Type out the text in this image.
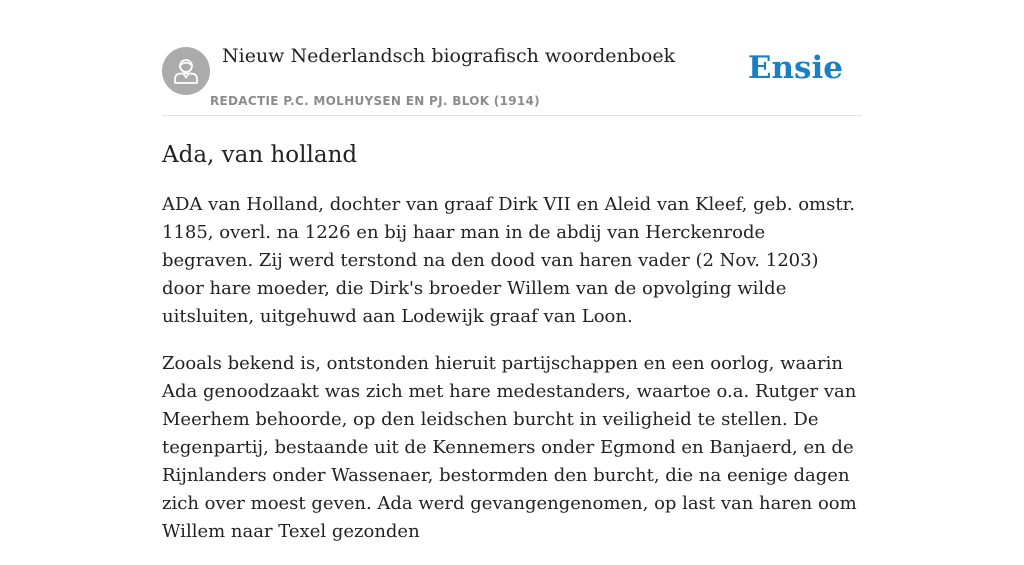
Nieuw Nederlandsch biografisch woordenboek
REDACTIE P.C. MOLHUYSEN EN PJ. BLOK (1914)
Ensie
Ada, van holland

ADA van Holland, dochter van graaf Dirk VII en Aleid van Kleef, geb. omstr. 1185, overl. na 1226 en bij haar man in de abdij van Herckenrode begraven. Zij werd terstond na den dood van haren vader (2 Nov. 1203) door hare moeder, die Dirk's broeder Willem van de opvolging wilde uitsluiten, uitgehuwd aan Lodewijk graaf van Loon.

Zooals bekend is, ontstonden hieruit partijschappen en een oorlog, waarin Ada genoodzaakt was zich met hare medestanders, waartoe o.a. Rutger van Meerhem behoorde, op den leidschen burcht in veiligheid te stellen. De tegenpartij, bestaande uit de Kennemers onder Egmond en Banjaerd, en de Rijnlanders onder Wassenaer, bestormden den burcht, die na eenige dagen zich over moest geven. Ada werd gevangengenomen, op last van haren oom Willem naar Texel gezonden
